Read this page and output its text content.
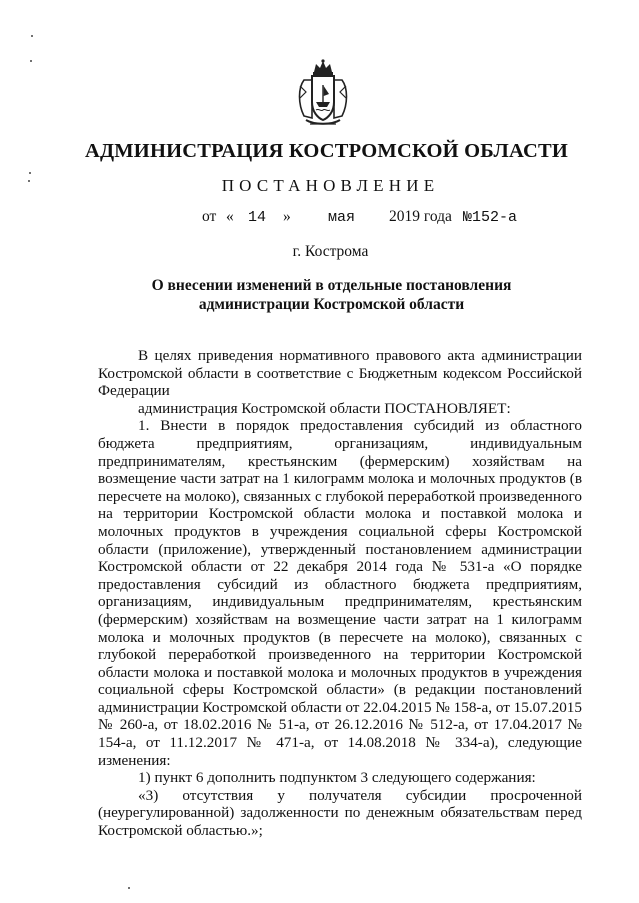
АДМИНИСТРАЦИЯ КОСТРОМСКОЙ ОБЛАСТИ
ПОСТАНОВЛЕНИЕ
от « 14 » мая 2019 года №152-а
г. Кострома
О внесении изменений в отдельные постановления
администрации Костромской области

В целях приведения нормативного правового акта администрации Костромской области в соответствие с Бюджетным кодексом Российской Федерации

администрация Костромской области ПОСТАНОВЛЯЕТ:

1. Внести в порядок предоставления субсидий из областного бюджета предприятиям, организациям, индивидуальным предпринимателям, крестьянским (фермерским) хозяйствам на возмещение части затрат на 1 килограмм молока и молочных продуктов (в пересчете на молоко), связанных с глубокой переработкой произведенного на территории Костромской области молока и поставкой молока и молочных продуктов в учреждения социальной сферы Костромской области (приложение), утвержденный постановлением администрации Костромской области от 22 декабря 2014 года № 531-а «О порядке предоставления субсидий из областного бюджета предприятиям, организациям, индивидуальным предпринимателям, крестьянским (фермерским) хозяйствам на возмещение части затрат на 1 килограмм молока и молочных продуктов (в пересчете на молоко), связанных с глубокой переработкой произведенного на территории Костромской области молока и поставкой молока и молочных продуктов в учреждения социальной сферы Костромской области» (в редакции постановлений администрации Костромской области от 22.04.2015 № 158-а, от 15.07.2015 № 260-а, от 18.02.2016 № 51-а, от 26.12.2016 № 512-а, от 17.04.2017 № 154-а, от 11.12.2017 № 471-а, от 14.08.2018 № 334-а), следующие изменения:

1) пункт 6 дополнить подпунктом 3 следующего содержания:

«3) отсутствия у получателя субсидии просроченной (неурегулированной) задолженности по денежным обязательствам перед Костромской областью.»;
